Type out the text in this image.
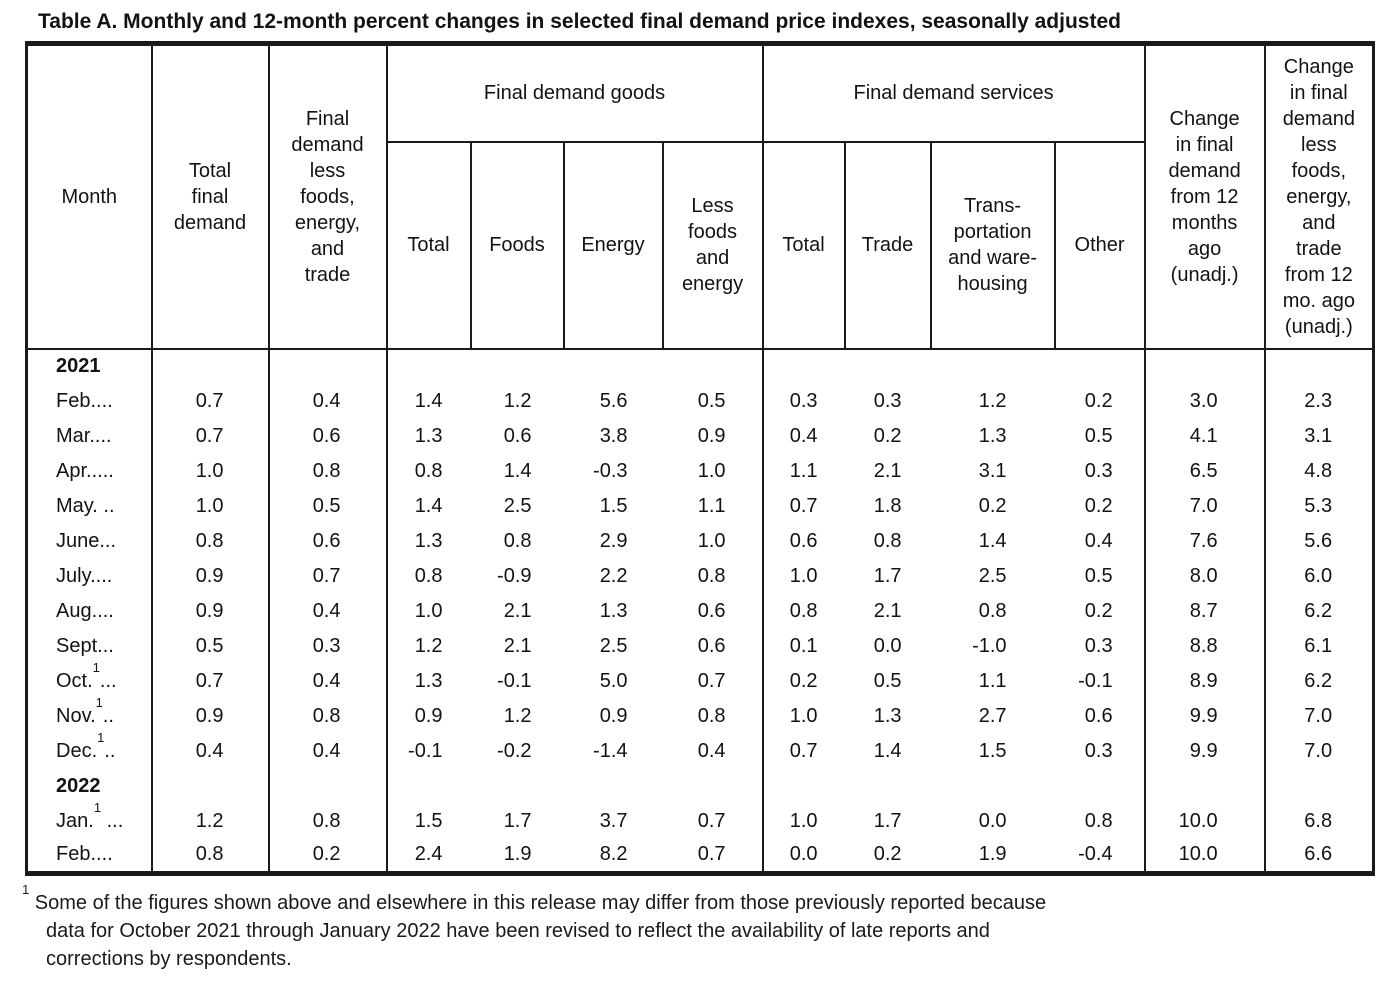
Table A. Monthly and 12-month percent changes in selected final demand price indexes, seasonally adjusted
Month	Total final demand	Final demand less foods, energy, and trade	Final demand goods				Final demand services				Change in final demand from 12 months ago (unadj.)	Change in final demand less foods, energy, and trade from 12 mo. ago (unadj.)
			Total	Foods	Energy	Less foods and energy	Total	Trade	Trans- portation and ware- housing	Other		
2021												
Feb....	0.7	0.4	1.4	1.2	5.6	0.5	0.3	0.3	1.2	0.2	3.0	2.3
Mar....	0.7	0.6	1.3	0.6	3.8	0.9	0.4	0.2	1.3	0.5	4.1	3.1
Apr.....	1.0	0.8	0.8	1.4	-0.3	1.0	1.1	2.1	3.1	0.3	6.5	4.8
May. ..	1.0	0.5	1.4	2.5	1.5	1.1	0.7	1.8	0.2	0.2	7.0	5.3
June...	0.8	0.6	1.3	0.8	2.9	1.0	0.6	0.8	1.4	0.4	7.6	5.6
July....	0.9	0.7	0.8	-0.9	2.2	0.8	1.0	1.7	2.5	0.5	8.0	6.0
Aug....	0.9	0.4	1.0	2.1	1.3	0.6	0.8	2.1	0.8	0.2	8.7	6.2
Sept...	0.5	0.3	1.2	2.1	2.5	0.6	0.1	0.0	-1.0	0.3	8.8	6.1
Oct.$^1$...	0.7	0.4	1.3	-0.1	5.0	0.7	0.2	0.5	1.1	-0.1	8.9	6.2
Nov.$^1$..	0.9	0.8	0.9	1.2	0.9	0.8	1.0	1.3	2.7	0.6	9.9	7.0
Dec.$^1$..	0.4	0.4	-0.1	-0.2	-1.4	0.4	0.7	1.4	1.5	0.3	9.9	7.0
2022												
Jan.$^1$ ...	1.2	0.8	1.5	1.7	3.7	0.7	1.0	1.7	0.0	0.8	10.0	6.8
Feb....	0.8	0.2	2.4	1.9	8.2	0.7	0.0	0.2	1.9	-0.4	10.0	6.6
$^1$ Some of the figures shown above and elsewhere in this release may differ from those previously reported because
data for October 2021 through January 2022 have been revised to reflect the availability of late reports and
corrections by respondents.
